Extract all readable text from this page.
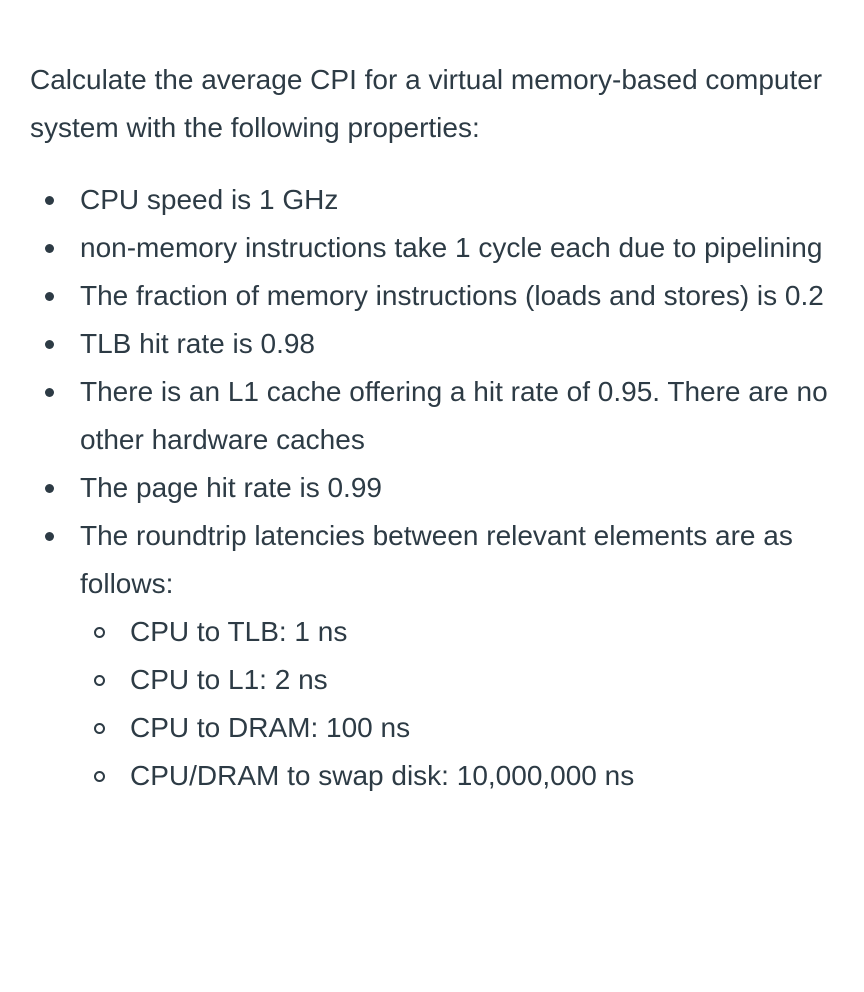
Calculate the average CPI for a virtual memory-based computer system with the following properties:

CPU speed is 1 GHz
non-memory instructions take 1 cycle each due to pipelining
The fraction of memory instructions (loads and stores) is 0.2
TLB hit rate is 0.98
There is an L1 cache offering a hit rate of 0.95. There are no other hardware caches
The page hit rate is 0.99
The roundtrip latencies between relevant elements are as follows:
CPU to TLB: 1 ns
CPU to L1: 2 ns
CPU to DRAM: 100 ns
CPU/DRAM to swap disk: 10,000,000 ns
